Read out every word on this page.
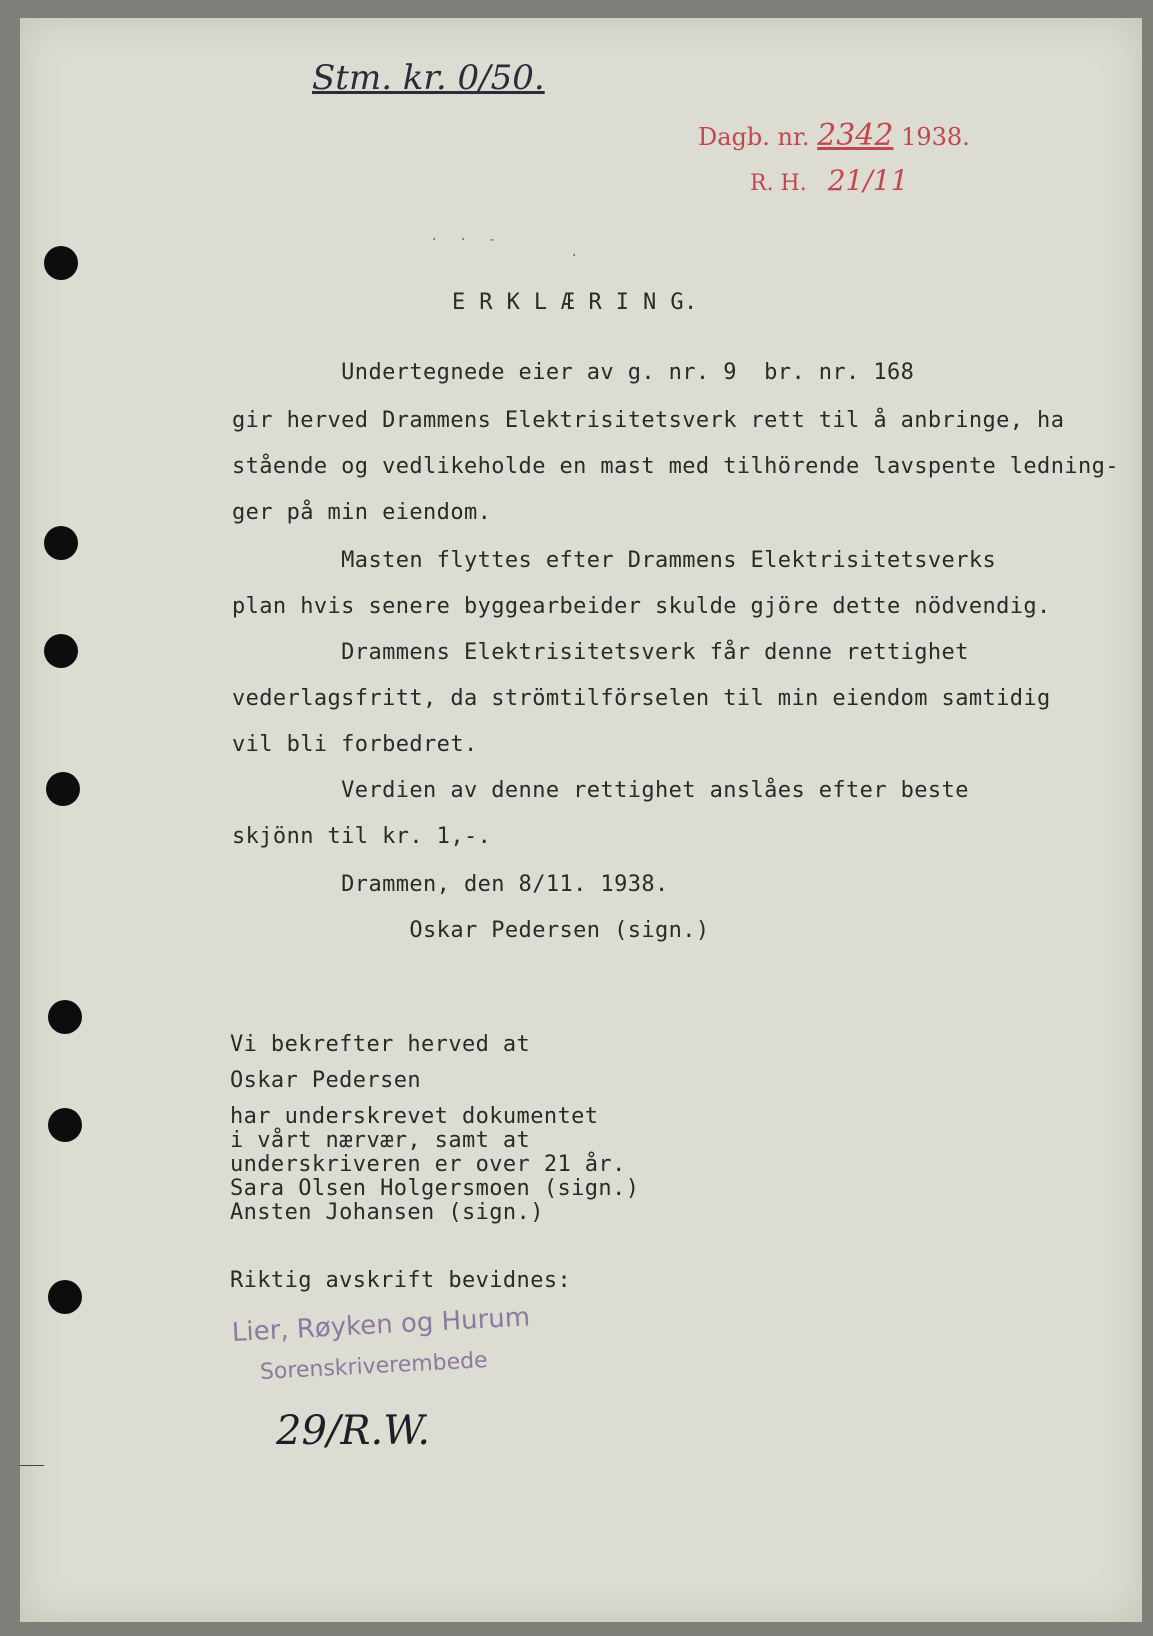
Stm. kr. 0/50.
Dagb. nr. 2342 1938.
R. H. 21/11
· · -
·
E R K L Æ R I N G.
Undertegnede eier av g. nr. 9  br. nr. 168
gir herved Drammens Elektrisitetsverk rett til å anbringe, ha
stående og vedlikeholde en mast med tilhörende lavspente ledning-
ger på min eiendom.
Masten flyttes efter Drammens Elektrisitetsverks
plan hvis senere byggearbeider skulde gjöre dette nödvendig.
Drammens Elektrisitetsverk får denne rettighet
vederlagsfritt, da strömtilförselen til min eiendom samtidig
vil bli forbedret.
Verdien av denne rettighet anslåes efter beste
skjönn til kr. 1,-.
Drammen, den 8/11. 1938.
Oskar Pedersen (sign.)
Vi bekrefter herved at
Oskar Pedersen
har underskrevet dokumentet
i vårt nærvær, samt at
underskriveren er over 21 år.
Sara Olsen Holgersmoen (sign.)
Ansten Johansen (sign.)
Riktig avskrift bevidnes:
Lier, Røyken og Hurum
Sorenskriverembede
29/R.W.
